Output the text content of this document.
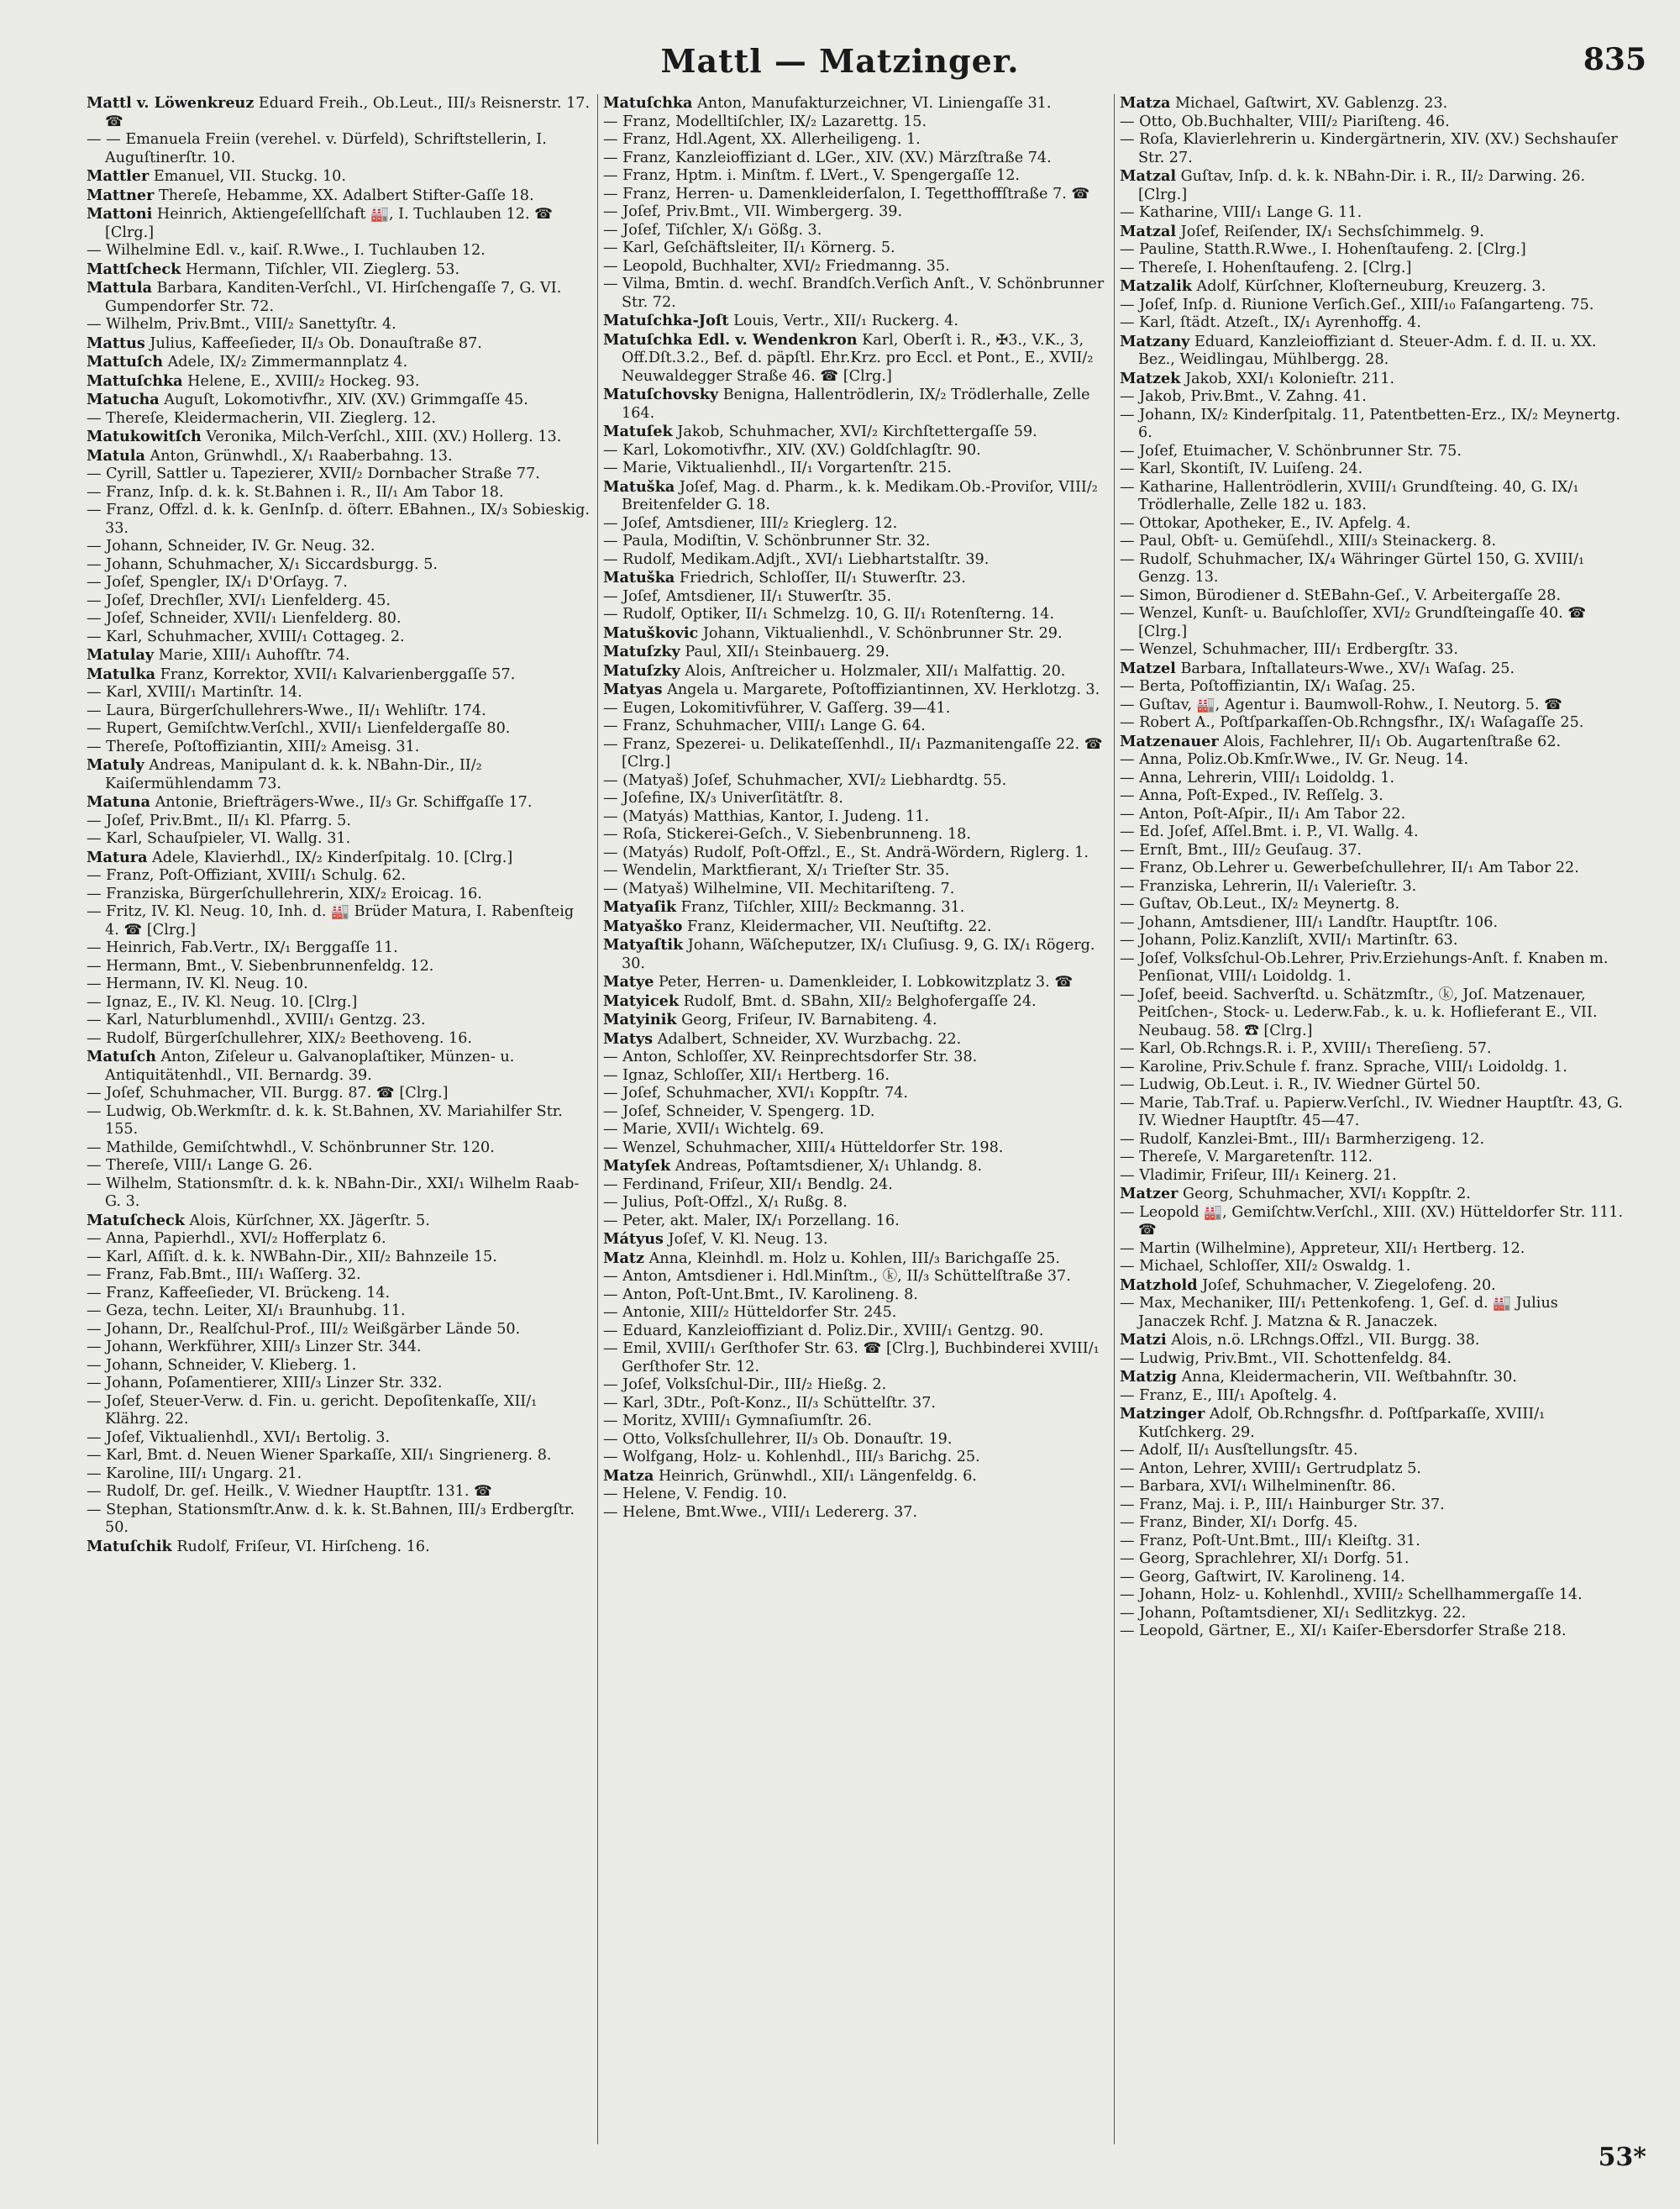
Mattl — Matzinger.	835

Mattl v. Löwenkreuz Eduard Freih., Ob.Leut., III/₃ Reisnerstr. 17. ☎

— — Emanuela Freiin (verehel. v. Dürfeld), Schriftstellerin, I. Auguſtinerſtr. 10.

Mattler Emanuel, VII. Stuckg. 10.

Mattner Thereſe, Hebamme, XX. Adalbert Stifter-Gaſſe 18.

Mattoni Heinrich, Aktiengeſellſchaft 🏭, I. Tuchlauben 12. ☎ [Clrg.]

— Wilhelmine Edl. v., kaiſ. R.Wwe., I. Tuchlauben 12.

Mattſcheck Hermann, Tiſchler, VII. Zieglerg. 53.

Mattula Barbara, Kanditen-Verſchl., VI. Hirſchengaſſe 7, G. VI. Gumpendorfer Str. 72.

— Wilhelm, Priv.Bmt., VIII/₂ Sanettyſtr. 4.

Mattus Julius, Kaffeeſieder, II/₃ Ob. Donauſtraße 87.

Mattuſch Adele, IX/₂ Zimmermannplatz 4.

Mattuſchka Helene, E., XVIII/₂ Hockeg. 93.

Matucha Auguſt, Lokomotivfhr., XIV. (XV.) Grimmgaſſe 45.

— Thereſe, Kleidermacherin, VII. Zieglerg. 12.

Matukowitſch Veronika, Milch-Verſchl., XIII. (XV.) Hollerg. 13.

Matula Anton, Grünwhdl., X/₁ Raaberbahng. 13.

— Cyrill, Sattler u. Tapezierer, XVII/₂ Dornbacher Straße 77.

— Franz, Inſp. d. k. k. St.Bahnen i. R., II/₁ Am Tabor 18.

— Franz, Offzl. d. k. k. GenInſp. d. öſterr. EBahnen., IX/₃ Sobieskig. 33.

— Johann, Schneider, IV. Gr. Neug. 32.

— Johann, Schuhmacher, X/₁ Siccardsburgg. 5.

— Joſef, Spengler, IX/₁ D'Orſayg. 7.

— Joſef, Drechſler, XVI/₁ Lienfelderg. 45.

— Joſef, Schneider, XVII/₁ Lienfelderg. 80.

— Karl, Schuhmacher, XVIII/₁ Cottageg. 2.

Matulay Marie, XIII/₁ Auhofſtr. 74.

Matulka Franz, Korrektor, XVII/₁ Kalvarienberggaſſe 57.

— Karl, XVIII/₁ Martinſtr. 14.

— Laura, Bürgerſchullehrers-Wwe., II/₁ Wehliſtr. 174.

— Rupert, Gemiſchtw.Verſchl., XVII/₁ Lienfeldergaſſe 80.

— Thereſe, Poſtoffiziantin, XIII/₂ Ameisg. 31.

Matuly Andreas, Manipulant d. k. k. NBahn-Dir., II/₂ Kaiſermühlendamm 73.

Matuna Antonie, Briefträgers-Wwe., II/₃ Gr. Schiffgaſſe 17.

— Joſef, Priv.Bmt., II/₁ Kl. Pfarrg. 5.

— Karl, Schauſpieler, VI. Wallg. 31.

Matura Adele, Klavierhdl., IX/₂ Kinderſpitalg. 10. [Clrg.]

— Franz, Poſt-Offiziant, XVIII/₁ Schulg. 62.

— Franziska, Bürgerſchullehrerin, XIX/₂ Eroicag. 16.

— Fritz, IV. Kl. Neug. 10, Inh. d. 🏭 Brüder Matura, I. Rabenſteig 4. ☎ [Clrg.]

— Heinrich, Fab.Vertr., IX/₁ Berggaſſe 11.

— Hermann, Bmt., V. Siebenbrunnenfeldg. 12.

— Hermann, IV. Kl. Neug. 10.

— Ignaz, E., IV. Kl. Neug. 10. [Clrg.]

— Karl, Naturblumenhdl., XVIII/₁ Gentzg. 23.

— Rudolf, Bürgerſchullehrer, XIX/₂ Beethoveng. 16.

Matuſch Anton, Ziſeleur u. Galvanoplaſtiker, Münzen- u. Antiquitätenhdl., VII. Bernardg. 39.

— Joſef, Schuhmacher, VII. Burgg. 87. ☎ [Clrg.]

— Ludwig, Ob.Werkmſtr. d. k. k. St.Bahnen, XV. Mariahilfer Str. 155.

— Mathilde, Gemiſchtwhdl., V. Schönbrunner Str. 120.

— Thereſe, VIII/₁ Lange G. 26.

— Wilhelm, Stationsmſtr. d. k. k. NBahn-Dir., XXI/₁ Wilhelm Raab-G. 3.

Matuſcheck Alois, Kürſchner, XX. Jägerſtr. 5.

— Anna, Papierhdl., XVI/₂ Hofferplatz 6.

— Karl, Aſſiſt. d. k. k. NWBahn-Dir., XII/₂ Bahnzeile 15.

— Franz, Fab.Bmt., III/₁ Waſſerg. 32.

— Franz, Kaffeeſieder, VI. Brückeng. 14.

— Geza, techn. Leiter, XI/₁ Braunhubg. 11.

— Johann, Dr., Realſchul-Prof., III/₂ Weißgärber Lände 50.

— Johann, Werkführer, XIII/₃ Linzer Str. 344.

— Johann, Schneider, V. Klieberg. 1.

— Johann, Poſamentierer, XIII/₃ Linzer Str. 332.

— Joſef, Steuer-Verw. d. Fin. u. gericht. Depoſitenkaſſe, XII/₁ Klährg. 22.

— Joſef, Viktualienhdl., XVI/₁ Bertolig. 3.

— Karl, Bmt. d. Neuen Wiener Sparkaſſe, XII/₁ Singrienerg. 8.

— Karoline, III/₁ Ungarg. 21.

— Rudolf, Dr. geſ. Heilk., V. Wiedner Hauptſtr. 131. ☎

— Stephan, Stationsmſtr.Anw. d. k. k. St.Bahnen, III/₃ Erdbergſtr. 50.

Matuſchik Rudolf, Friſeur, VI. Hirſcheng. 16.

Matuſchka Anton, Manufakturzeichner, VI. Liniengaſſe 31.

— Franz, Modelltiſchler, IX/₂ Lazarettg. 15.

— Franz, Hdl.Agent, XX. Allerheiligeng. 1.

— Franz, Kanzleioffiziant d. LGer., XIV. (XV.) Märzſtraße 74.

— Franz, Hptm. i. Minſtm. f. LVert., V. Spengergaſſe 12.

— Franz, Herren- u. Damenkleiderſalon, I. Tegetthoffſtraße 7. ☎

— Joſef, Priv.Bmt., VII. Wimbergerg. 39.

— Joſef, Tiſchler, X/₁ Gößg. 3.

— Karl, Geſchäftsleiter, II/₁ Körnerg. 5.

— Leopold, Buchhalter, XVI/₂ Friedmanng. 35.

— Vilma, Bmtin. d. wechſ. Brandſch.Verſich Anſt., V. Schönbrunner Str. 72.

Matuſchka-Joſt Louis, Vertr., XII/₁ Ruckerg. 4.

Matuſchka Edl. v. Wendenkron Karl, Oberſt i. R., ✠3., V.K., 3, Off.Dſt.3.2., Bef. d. päpſtl. Ehr.Krz. pro Eccl. et Pont., E., XVII/₂ Neuwaldegger Straße 46. ☎ [Clrg.]

Matuſchovsky Benigna, Hallentrödlerin, IX/₂ Trödlerhalle, Zelle 164.

Matuſek Jakob, Schuhmacher, XVI/₂ Kirchſtettergaſſe 59.

— Karl, Lokomotivfhr., XIV. (XV.) Goldſchlagſtr. 90.

— Marie, Viktualienhdl., II/₁ Vorgartenſtr. 215.

Matuška Joſef, Mag. d. Pharm., k. k. Medikam.Ob.-Proviſor, VIII/₂ Breitenfelder G. 18.

— Joſef, Amtsdiener, III/₂ Krieglerg. 12.

— Paula, Modiſtin, V. Schönbrunner Str. 32.

— Rudolf, Medikam.Adjſt., XVI/₁ Liebhartstalſtr. 39.

Matuška Friedrich, Schloſſer, II/₁ Stuwerſtr. 23.

— Joſef, Amtsdiener, II/₁ Stuwerſtr. 35.

— Rudolf, Optiker, II/₁ Schmelzg. 10, G. II/₁ Rotenſterng. 14.

Matuškovic Johann, Viktualienhdl., V. Schönbrunner Str. 29.

Matuſzky Paul, XII/₁ Steinbauerg. 29.

Matuſzky Alois, Anſtreicher u. Holzmaler, XII/₁ Malfattig. 20.

Matyas Angela u. Margarete, Poſtoffiziantinnen, XV. Herklotzg. 3.

— Eugen, Lokomitivführer, V. Gaſſerg. 39—41.

— Franz, Schuhmacher, VIII/₁ Lange G. 64.

— Franz, Spezerei- u. Delikateſſenhdl., II/₁ Pazmanitengaſſe 22. ☎ [Clrg.]

— (Matyaš) Joſef, Schuhmacher, XVI/₂ Liebhardtg. 55.

— Joſefine, IX/₃ Univerſitätſtr. 8.

— (Matyás) Matthias, Kantor, I. Judeng. 11.

— Roſa, Stickerei-Geſch., V. Siebenbrunneng. 18.

— (Matyás) Rudolf, Poſt-Offzl., E., St. Andrä-Wördern, Riglerg. 1.

— Wendelin, Marktfierant, X/₁ Trieſter Str. 35.

— (Matyaš) Wilhelmine, VII. Mechitariſteng. 7.

Matyaſik Franz, Tiſchler, XIII/₂ Beckmanng. 31.

Matyaško Franz, Kleidermacher, VII. Neuſtiftg. 22.

Matyaſtik Johann, Wäſcheputzer, IX/₁ Cluſiusg. 9, G. IX/₁ Rögerg. 30.

Matye Peter, Herren- u. Damenkleider, I. Lobkowitzplatz 3. ☎

Matyicek Rudolf, Bmt. d. SBahn, XII/₂ Belghofergaſſe 24.

Matyinik Georg, Friſeur, IV. Barnabiteng. 4.

Matys Adalbert, Schneider, XV. Wurzbachg. 22.

— Anton, Schloſſer, XV. Reinprechtsdorfer Str. 38.

— Ignaz, Schloſſer, XII/₁ Hertberg. 16.

— Joſef, Schuhmacher, XVI/₁ Koppſtr. 74.

— Joſef, Schneider, V. Spengerg. 1D.

— Marie, XVII/₁ Wichtelg. 69.

— Wenzel, Schuhmacher, XIII/₄ Hütteldorfer Str. 198.

Matyſek Andreas, Poſtamtsdiener, X/₁ Uhlandg. 8.

— Ferdinand, Friſeur, XII/₁ Bendlg. 24.

— Julius, Poſt-Offzl., X/₁ Rußg. 8.

— Peter, akt. Maler, IX/₁ Porzellang. 16.

Mátyus Joſef, V. Kl. Neug. 13.

Matz Anna, Kleinhdl. m. Holz u. Kohlen, III/₃ Barichgaſſe 25.

— Anton, Amtsdiener i. Hdl.Minſtm., ⓚ, II/₃ Schüttelſtraße 37.

— Anton, Poſt-Unt.Bmt., IV. Karolineng. 8.

— Antonie, XIII/₂ Hütteldorfer Str. 245.

— Eduard, Kanzleioffiziant d. Poliz.Dir., XVIII/₁ Gentzg. 90.

— Emil, XVIII/₁ Gerſthofer Str. 63. ☎ [Clrg.], Buchbinderei XVIII/₁ Gerſthofer Str. 12.

— Joſef, Volksſchul-Dir., III/₂ Hießg. 2.

— Karl, 3Dtr., Poſt-Konz., II/₃ Schüttelſtr. 37.

— Moritz, XVIII/₁ Gymnaſiumſtr. 26.

— Otto, Volksſchullehrer, II/₃ Ob. Donauſtr. 19.

— Wolfgang, Holz- u. Kohlenhdl., III/₃ Barichg. 25.

Matza Heinrich, Grünwhdl., XII/₁ Längenfeldg. 6.

— Helene, V. Fendig. 10.

— Helene, Bmt.Wwe., VIII/₁ Ledererg. 37.

Matza Michael, Gaſtwirt, XV. Gablenzg. 23.

— Otto, Ob.Buchhalter, VIII/₂ Piariſteng. 46.

— Roſa, Klavierlehrerin u. Kindergärtnerin, XIV. (XV.) Sechshauſer Str. 27.

Matzal Guſtav, Inſp. d. k. k. NBahn-Dir. i. R., II/₂ Darwing. 26. [Clrg.]

— Katharine, VIII/₁ Lange G. 11.

Matzal Joſef, Reiſender, IX/₁ Sechsſchimmelg. 9.

— Pauline, Statth.R.Wwe., I. Hohenſtaufeng. 2. [Clrg.]

— Thereſe, I. Hohenſtaufeng. 2. [Clrg.]

Matzalik Adolf, Kürſchner, Kloſterneuburg, Kreuzerg. 3.

— Joſef, Inſp. d. Riunione Verſich.Geſ., XIII/₁₀ Faſangarteng. 75.

— Karl, ſtädt. Atzeſt., IX/₁ Ayrenhoffg. 4.

Matzany Eduard, Kanzleioffiziant d. Steuer-Adm. f. d. II. u. XX. Bez., Weidlingau, Mühlbergg. 28.

Matzek Jakob, XXI/₁ Kolonieſtr. 211.

— Jakob, Priv.Bmt., V. Zahng. 41.

— Johann, IX/₂ Kinderſpitalg. 11, Patentbetten-Erz., IX/₂ Meynertg. 6.

— Joſef, Etuimacher, V. Schönbrunner Str. 75.

— Karl, Skontiſt, IV. Luiſeng. 24.

— Katharine, Hallentrödlerin, XVIII/₁ Grundſteing. 40, G. IX/₁ Trödlerhalle, Zelle 182 u. 183.

— Ottokar, Apotheker, E., IV. Apfelg. 4.

— Paul, Obſt- u. Gemüſehdl., XIII/₃ Steinackerg. 8.

— Rudolf, Schuhmacher, IX/₄ Währinger Gürtel 150, G. XVIII/₁ Genzg. 13.

— Simon, Bürodiener d. StEBahn-Geſ., V. Arbeitergaſſe 28.

— Wenzel, Kunſt- u. Bauſchloſſer, XVI/₂ Grundſteingaſſe 40. ☎ [Clrg.]

— Wenzel, Schuhmacher, III/₁ Erdbergſtr. 33.

Matzel Barbara, Inſtallateurs-Wwe., XV/₁ Waſag. 25.

— Berta, Poſtoffiziantin, IX/₁ Waſag. 25.

— Guſtav, 🏭, Agentur i. Baumwoll-Rohw., I. Neutorg. 5. ☎

— Robert A., Poſtſparkaſſen-Ob.Rchngsfhr., IX/₁ Waſagaſſe 25.

Matzenauer Alois, Fachlehrer, II/₁ Ob. Augartenſtraße 62.

— Anna, Poliz.Ob.Kmſr.Wwe., IV. Gr. Neug. 14.

— Anna, Lehrerin, VIII/₁ Loidoldg. 1.

— Anna, Poſt-Exped., IV. Reſſelg. 3.

— Anton, Poſt-Aſpir., II/₁ Am Tabor 22.

— Ed. Joſef, Aſſel.Bmt. i. P., VI. Wallg. 4.

— Ernſt, Bmt., III/₂ Geuſaug. 37.

— Franz, Ob.Lehrer u. Gewerbeſchullehrer, II/₁ Am Tabor 22.

— Franziska, Lehrerin, II/₁ Valerieſtr. 3.

— Guſtav, Ob.Leut., IX/₂ Meynertg. 8.

— Johann, Amtsdiener, III/₁ Landſtr. Hauptſtr. 106.

— Johann, Poliz.Kanzliſt, XVII/₁ Martinſtr. 63.

— Joſef, Volksſchul-Ob.Lehrer, Priv.Erziehungs-Anſt. f. Knaben m. Penſionat, VIII/₁ Loidoldg. 1.

— Joſef, beeid. Sachverſtd. u. Schätzmſtr., ⓚ, Joſ. Matzenauer, Peitſchen-, Stock- u. Lederw.Fab., k. u. k. Hoflieferant E., VII. Neubaug. 58. ☎ [Clrg.]

— Karl, Ob.Rchngs.R. i. P., XVIII/₁ Thereſieng. 57.

— Karoline, Priv.Schule f. franz. Sprache, VIII/₁ Loidoldg. 1.

— Ludwig, Ob.Leut. i. R., IV. Wiedner Gürtel 50.

— Marie, Tab.Traf. u. Papierw.Verſchl., IV. Wiedner Hauptſtr. 43, G. IV. Wiedner Hauptſtr. 45—47.

— Rudolf, Kanzlei-Bmt., III/₁ Barmherzigeng. 12.

— Thereſe, V. Margaretenſtr. 112.

— Vladimir, Friſeur, III/₁ Keinerg. 21.

Matzer Georg, Schuhmacher, XVI/₁ Koppſtr. 2.

— Leopold 🏭, Gemiſchtw.Verſchl., XIII. (XV.) Hütteldorfer Str. 111. ☎

— Martin (Wilhelmine), Appreteur, XII/₁ Hertberg. 12.

— Michael, Schloſſer, XII/₂ Oswaldg. 1.

Matzhold Joſef, Schuhmacher, V. Ziegelofeng. 20.

— Max, Mechaniker, III/₁ Pettenkofeng. 1, Geſ. d. 🏭 Julius Janaczek Rchf. J. Matzna & R. Janaczek.

Matzi Alois, n.ö. LRchngs.Offzl., VII. Burgg. 38.

— Ludwig, Priv.Bmt., VII. Schottenfeldg. 84.

Matzig Anna, Kleidermacherin, VII. Weſtbahnſtr. 30.

— Franz, E., III/₁ Apoſtelg. 4.

Matzinger Adolf, Ob.Rchngsfhr. d. Poſtſparkaſſe, XVIII/₁ Kutſchkerg. 29.

— Adolf, II/₁ Ausſtellungsſtr. 45.

— Anton, Lehrer, XVIII/₁ Gertrudplatz 5.

— Barbara, XVI/₁ Wilhelminenſtr. 86.

— Franz, Maj. i. P., III/₁ Hainburger Str. 37.

— Franz, Binder, XI/₁ Dorfg. 45.

— Franz, Poſt-Unt.Bmt., III/₁ Kleiſtg. 31.

— Georg, Sprachlehrer, XI/₁ Dorfg. 51.

— Georg, Gaſtwirt, IV. Karolineng. 14.

— Johann, Holz- u. Kohlenhdl., XVIII/₂ Schellhammergaſſe 14.

— Johann, Poſtamtsdiener, XI/₁ Sedlitzkyg. 22.

— Leopold, Gärtner, E., XI/₁ Kaiſer-Ebersdorfer Straße 218.

53*
